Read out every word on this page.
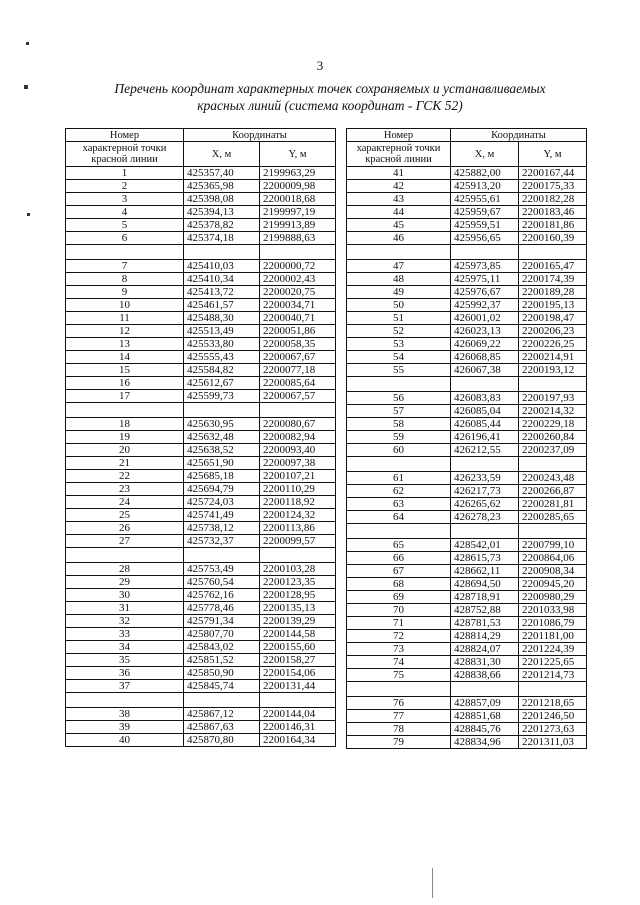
3
Перечень координат характерных точек сохраняемых и устанавливаемых
красных линий (система координат - ГСК 52)
Номер	Координаты	
характерной точки красной линии	Х, м	Y, м
1	425357,40	2199963,29
2	425365,98	2200009,98
3	425398,08	2200018,68
4	425394,13	2199997,19
5	425378,82	2199913,89
6	425374,18	2199888,63

7	425410,03	2200000,72
8	425410,34	2200002,43
9	425413,72	2200020,75
10	425461,57	2200034,71
11	425488,30	2200040,71
12	425513,49	2200051,86
13	425533,80	2200058,35
14	425555,43	2200067,67
15	425584,82	2200077,18
16	425612,67	2200085,64
17	425599,73	2200067,57

18	425630,95	2200080,67
19	425632,48	2200082,94
20	425638,52	2200093,40
21	425651,90	2200097,38
22	425685,18	2200107,21
23	425694,79	2200110,29
24	425724,03	2200118,92
25	425741,49	2200124,32
26	425738,12	2200113,86
27	425732,37	2200099,57

28	425753,49	2200103,28
29	425760,54	2200123,35
30	425762,16	2200128,95
31	425778,46	2200135,13
32	425791,34	2200139,29
33	425807,70	2200144,58
34	425843,02	2200155,60
35	425851,52	2200158,27
36	425850,90	2200154,06
37	425845,74	2200131,44

38	425867,12	2200144,04
39	425867,63	2200146,31
40	425870,80	2200164,34
Номер	Координаты	
характерной точки красной линии	Х, м	Y, м
41	425882,00	2200167,44
42	425913,20	2200175,33
43	425955,61	2200182,28
44	425959,67	2200183,46
45	425959,51	2200181,86
46	425956,65	2200160,39

47	425973,85	2200165,47
48	425975,11	2200174,39
49	425976,67	2200189,28
50	425992,37	2200195,13
51	426001,02	2200198,47
52	426023,13	2200206,23
53	426069,22	2200226,25
54	426068,85	2200214,91
55	426067,38	2200193,12

56	426083,83	2200197,93
57	426085,04	2200214,32
58	426085,44	2200229,18
59	426196,41	2200260,84
60	426212,55	2200237,09

61	426233,59	2200243,48
62	426217,73	2200266,87
63	426265,62	2200281,81
64	426278,23	2200285,65

65	428542,01	2200799,10
66	428615,73	2200864,06
67	428662,11	2200908,34
68	428694,50	2200945,20
69	428718,91	2200980,29
70	428752,88	2201033,98
71	428781,53	2201086,79
72	428814,29	2201181,00
73	428824,07	2201224,39
74	428831,30	2201225,65
75	428838,66	2201214,73

76	428857,09	2201218,65
77	428851,68	2201246,50
78	428845,76	2201273,63
79	428834,96	2201311,03
